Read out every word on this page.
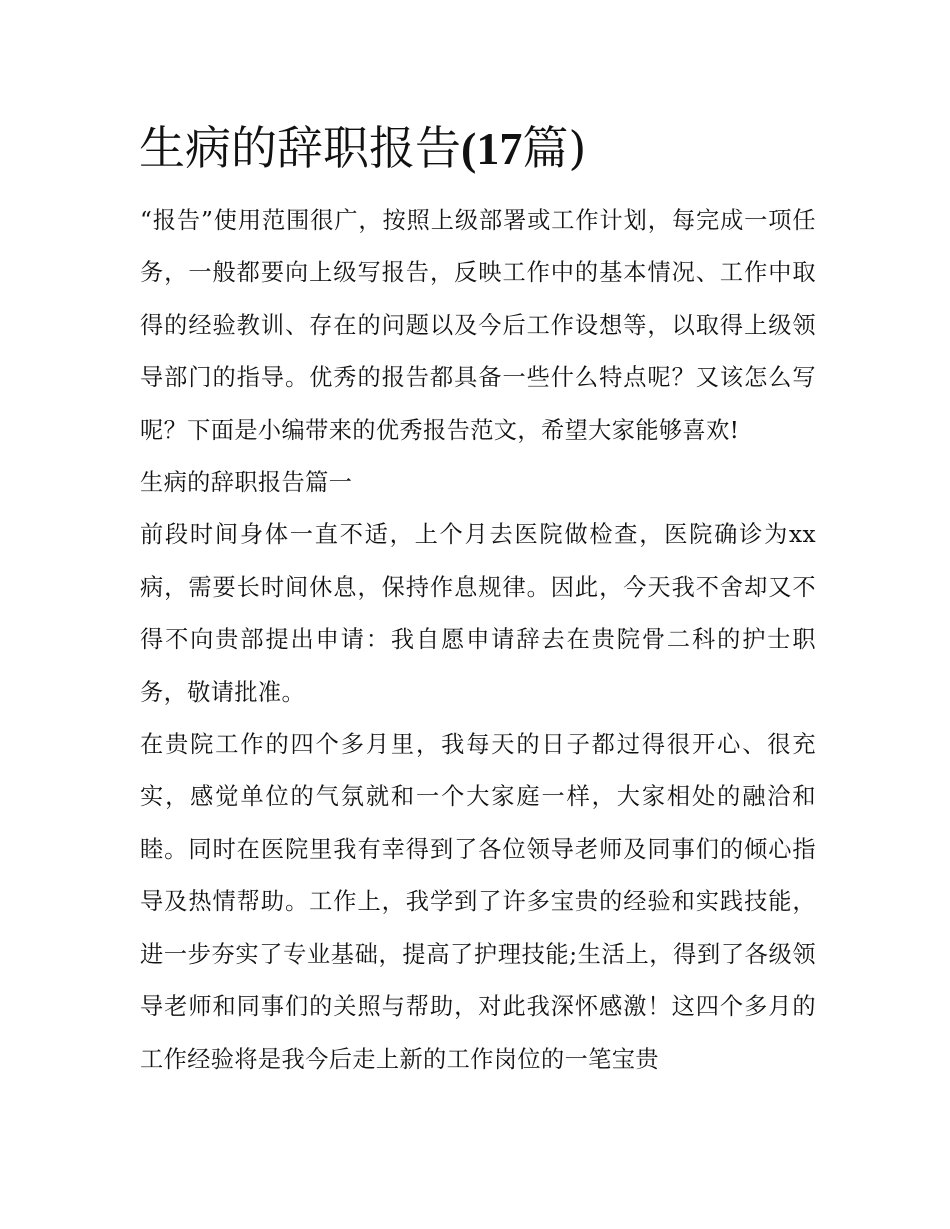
生病的辞职报告(17篇)

“报告”使用范围很广，按照上级部署或工作计划，每完成一项任务，一般都要向上级写报告，反映工作中的基本情况、工作中取得的经验教训、存在的问题以及今后工作设想等，以取得上级领导部门的指导。优秀的报告都具备一些什么特点呢？又该怎么写呢？下面是小编带来的优秀报告范文，希望大家能够喜欢!

生病的辞职报告篇一

前段时间身体一直不适，上个月去医院做检查，医院确诊为xx病，需要长时间休息，保持作息规律。因此，今天我不舍却又不得不向贵部提出申请：我自愿申请辞去在贵院骨二科的护士职务，敬请批准。

在贵院工作的四个多月里，我每天的日子都过得很开心、很充实，感觉单位的气氛就和一个大家庭一样，大家相处的融洽和睦。同时在医院里我有幸得到了各位领导老师及同事们的倾心指导及热情帮助。工作上，我学到了许多宝贵的经验和实践技能，进一步夯实了专业基础，提高了护理技能;生活上，得到了各级领导老师和同事们的关照与帮助，对此我深怀感激！这四个多月的工作经验将是我今后走上新的工作岗位的一笔宝贵
